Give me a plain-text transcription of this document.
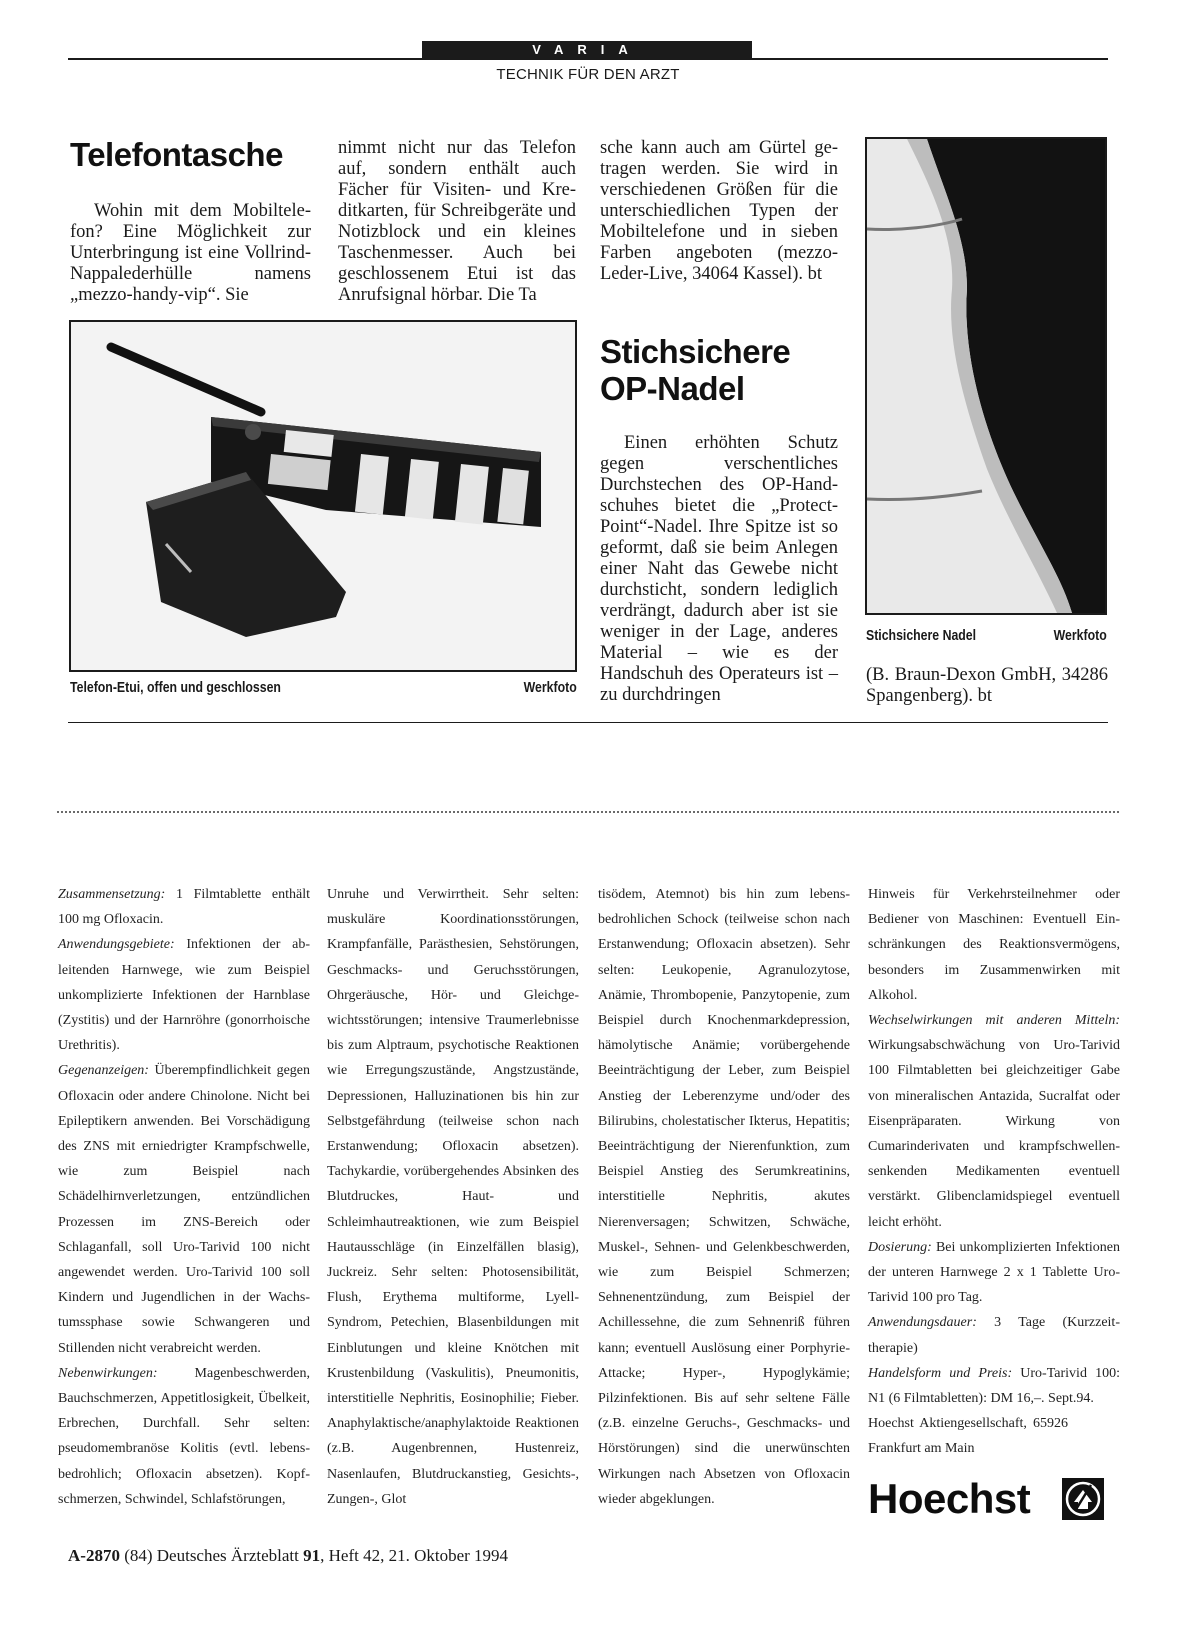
VARIA
TECHNIK FÜR DEN ARZT
Telefontasche

Wohin mit dem Mobiltelefon? Eine Möglichkeit zur Unterbringung ist eine Vollrind-Nappalederhülle namens „mezzo-handy-vip“. Sie

nimmt nicht nur das Telefon auf, sondern enthält auch Fächer für Visiten- und Kreditkarten, für Schreibgeräte und Notizblock und ein kleines Taschenmesser. Auch bei geschlossenem Etui ist das Anrufsignal hörbar. Die Ta

sche kann auch am Gürtel getragen werden. Sie wird in verschiedenen Größen für die unterschiedlichen Typen der Mobiltelefone und in sieben Farben angeboten (mezzo-Leder-Live, 34064 Kassel). bt

Telefon-Etui, offen und geschlossen	Werkfoto
Stichsichere
OP-Nadel

Einen erhöhten Schutz gegen verschentliches Durchstechen des OP-Handschuhes bietet die „Protect-Point“-Nadel. Ihre Spitze ist so geformt, daß sie beim Anlegen einer Naht das Gewebe nicht durchsticht, sondern lediglich verdrängt, dadurch aber ist sie weniger in der Lage, anderes Material – wie es der Handschuh des Operateurs ist – zu durchdringen

Stichsichere Nadel	Werkfoto

(B. Braun-Dexon GmbH, 34286 Spangenberg). bt

Zusammensetzung: 1 Filmtablette enthält 100 mg Ofloxacin.

Anwendungsgebiete: Infektionen der ableitenden Harnwege, wie zum Beispiel unkomplizierte Infektionen der Harnblase (Zystitis) und der Harnröhre (gonorrhoische Urethritis).

Gegenanzeigen: Überempfindlichkeit gegen Ofloxacin oder andere Chinolone. Nicht bei Epileptikern anwenden. Bei Vorschädigung des ZNS mit erniedrigter Krampfschwelle, wie zum Beispiel nach Schädelhirnverletzungen, entzündlichen Prozessen im ZNS-Bereich oder Schlaganfall, soll Uro-Tarivid 100 nicht angewendet werden. Uro-Tarivid 100 soll Kindern und Jugendlichen in der Wachstumssphase sowie Schwangeren und Stillenden nicht verabreicht werden.

Nebenwirkungen: Magenbeschwerden, Bauchschmerzen, Appetitlosigkeit, Übelkeit, Erbrechen, Durchfall. Sehr selten: pseudomembranöse Kolitis (evtl. lebensbedrohlich; Ofloxacin absetzen). Kopfschmerzen, Schwindel, Schlafstörungen,

Unruhe und Verwirrtheit. Sehr selten: muskuläre Koordinationsstörungen, Krampfanfälle, Parästhesien, Sehstörungen, Geschmacks- und Geruchsstörungen, Ohrgeräusche, Hör- und Gleichgewichtsstörungen; intensive Traumerlebnisse bis zum Alptraum, psychotische Reaktionen wie Erregungszustände, Angstzustände, Depressionen, Halluzinationen bis hin zur Selbstgefährdung (teilweise schon nach Erstanwendung; Ofloxacin absetzen). Tachykardie, vorübergehendes Absinken des Blutdruckes, Haut- und Schleimhautreaktionen, wie zum Beispiel Hautausschläge (in Einzelfällen blasig), Juckreiz. Sehr selten: Photosensibilität, Flush, Erythema multiforme, Lyell-Syndrom, Petechien, Blasenbildungen mit Einblutungen und kleine Knötchen mit Krustenbildung (Vaskulitis), Pneumonitis, interstitielle Nephritis, Eosinophilie; Fieber. Anaphylaktische/anaphylaktoide Reaktionen (z.B. Augenbrennen, Hustenreiz, Nasenlaufen, Blutdruckanstieg, Gesichts-, Zungen-, Glot

tisödem, Atemnot) bis hin zum lebensbedrohlichen Schock (teilweise schon nach Erstanwendung; Ofloxacin absetzen). Sehr selten: Leukopenie, Agranulozytose, Anämie, Thrombopenie, Panzytopenie, zum Beispiel durch Knochenmarkdepression, hämolytische Anämie; vorübergehende Beeinträchtigung der Leber, zum Beispiel Anstieg der Leberenzyme und/oder des Bilirubins, cholestatischer Ikterus, Hepatitis; Beeinträchtigung der Nierenfunktion, zum Beispiel Anstieg des Serumkreatinins, interstitielle Nephritis, akutes Nierenversagen; Schwitzen, Schwäche, Muskel-, Sehnen- und Gelenkbeschwerden, wie zum Beispiel Schmerzen; Sehnenentzündung, zum Beispiel der Achillessehne, die zum Sehnenriß führen kann; eventuell Auslösung einer Porphyrie-Attacke; Hyper-, Hypoglykämie; Pilzinfektionen. Bis auf sehr seltene Fälle (z.B. einzelne Geruchs-, Geschmacks- und Hörstörungen) sind die unerwünschten Wirkungen nach Absetzen von Ofloxacin wieder abgeklungen.

Hinweis für Verkehrsteilnehmer oder Bediener von Maschinen: Eventuell Einschränkungen des Reaktionsvermögens, besonders im Zusammenwirken mit Alkohol.

Wechselwirkungen mit anderen Mitteln: Wirkungsabschwächung von Uro-Tarivid 100 Filmtabletten bei gleichzeitiger Gabe von mineralischen Antazida, Sucralfat oder Eisenpräparaten. Wirkung von Cumarinderivaten und krampfschwellensenkenden Medikamenten eventuell verstärkt. Glibenclamidspiegel eventuell leicht erhöht.

Dosierung: Bei unkomplizierten Infektionen der unteren Harnwege 2 x 1 Tablette Uro-Tarivid 100 pro Tag.

Anwendungsdauer: 3 Tage (Kurzzeittherapie)

Handelsform und Preis: Uro-Tarivid 100: N1 (6 Filmtabletten): DM 16,–. Sept.94.

Hoechst Aktiengesellschaft, 65926 Frankfurt am Main

Hoechst
A-2870 (84) Deutsches Ärzteblatt 91, Heft 42, 21. Oktober 1994
